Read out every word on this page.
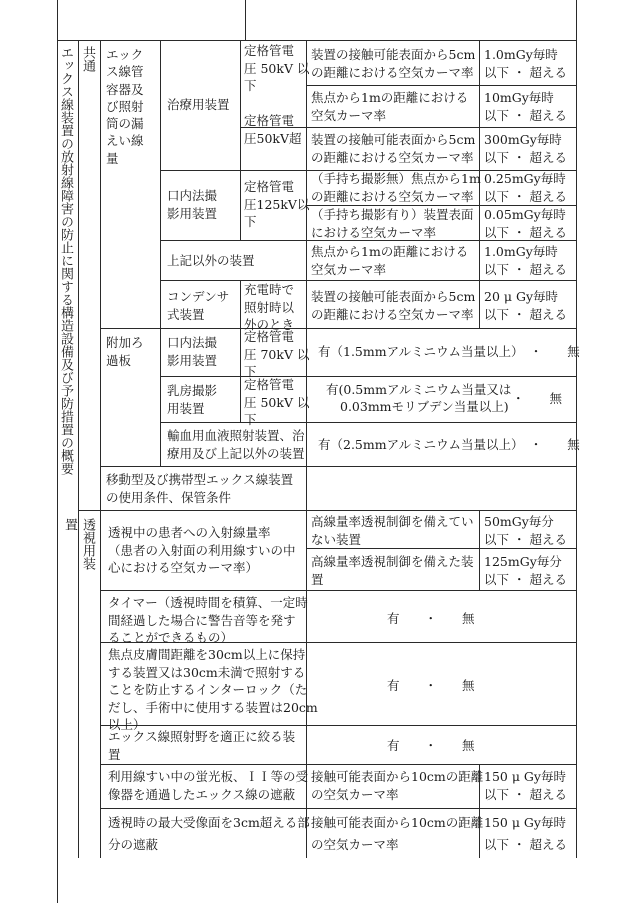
エックス線装置の放射線障害の防止に関する構造設備及び予防措置の概要 共通
透視用装置
エック
ス線管
容器及
び照射
筒の漏
えい線
量
治療用装置
定格管電
圧 50kV 以
下
装置の接触可能表面から5cm
の距離における空気カーマ率
1.0mGy毎時
以下 ・ 超える
定格管電
圧50kV超
焦点から1mの距離における
空気カーマ率
10mGy毎時
以下 ・ 超える
装置の接触可能表面から5cm
の距離における空気カーマ率
300mGy毎時
以下 ・ 超える
口内法撮
影用装置
定格管電
圧125kV以
下
（手持ち撮影無）焦点から1m
の距離における空気カーマ率
0.25mGy毎時
以下 ・ 超える
（手持ち撮影有り）装置表面
における空気カーマ率
0.05mGy毎時
以下 ・ 超える
上記以外の装置
焦点から1mの距離における
空気カーマ率
1.0mGy毎時
以下 ・ 超える
コンデンサ
式装置
充電時で
照射時以
外のとき
装置の接触可能表面から5cm
の距離における空気カーマ率
20 μ Gy毎時
以下 ・ 超える
附加ろ
過板
口内法撮
影用装置
定格管電
圧 70kV 以
下
有（1.5mmアルミニウム当量以上）　・　　無
乳房撮影
用装置
定格管電
圧 50kV 以
下
有(0.5mmアルミニウム当量又は
0.03mmモリブデン当量以上)
・　　無
輸血用血液照射装置、治
療用及び上記以外の装置
有（2.5mmアルミニウム当量以上）　・　　無
移動型及び携帯型エックス線装置
の使用条件、保管条件
透視中の患者への入射線量率
（患者の入射面の利用線すいの中
心における空気カーマ率）
高線量率透視制御を備えてい
ない装置
50mGy毎分
以下 ・ 超える
高線量率透視制御を備えた装
置
125mGy毎分
以下 ・ 超える
タイマー（透視時間を積算、一定時
間経過した場合に警告音等を発す
ることができるもの）
有　　・　　無
焦点皮膚間距離を30cm以上に保持
する装置又は30cm未満で照射する
ことを防止するインターロック（た
だし、手術中に使用する装置は20cm
以上）
有　　・　　無
エックス線照射野を適正に絞る装
置
有　　・　　無
利用線すい中の蛍光板、ＩＩ等の受
像器を通過したエックス線の遮蔽
接触可能表面から10cmの距離
の空気カーマ率
150 μ Gy毎時
以下 ・ 超える
透視時の最大受像面を3cm超える部
分の遮蔽
接触可能表面から10cmの距離
の空気カーマ率
150 μ Gy毎時
以下 ・ 超える
